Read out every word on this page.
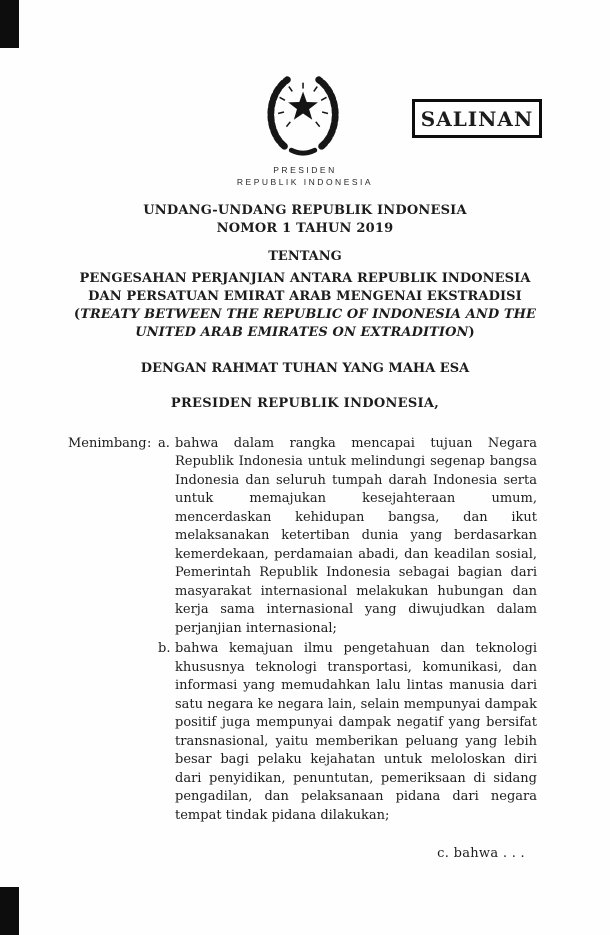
SALINAN
PRESIDEN
REPUBLIK INDONESIA
UNDANG-UNDANG REPUBLIK INDONESIA
NOMOR 1 TAHUN 2019
TENTANG

PENGESAHAN PERJANJIAN ANTARA REPUBLIK INDONESIA DAN PERSATUAN EMIRAT ARAB MENGENAI EKSTRADISI (TREATY BETWEEN THE REPUBLIC OF INDONESIA AND THE UNITED ARAB EMIRATES ON EXTRADITION)

DENGAN RAHMAT TUHAN YANG MAHA ESA
PRESIDEN REPUBLIK INDONESIA,
Menimbang : a. bahwa dalam rangka mencapai tujuan Negara Republik Indonesia untuk melindungi segenap bangsa Indonesia dan seluruh tumpah darah Indonesia serta untuk memajukan kesejahteraan umum, mencerdaskan kehidupan bangsa, dan ikut melaksanakan ketertiban dunia yang berdasarkan kemerdekaan, perdamaian abadi, dan keadilan sosial, Pemerintah Republik Indonesia sebagai bagian dari masyarakat internasional melakukan hubungan dan kerja sama internasional yang diwujudkan dalam perjanjian internasional;

b. bahwa kemajuan ilmu pengetahuan dan teknologi khususnya teknologi transportasi, komunikasi, dan informasi yang memudahkan lalu lintas manusia dari satu negara ke negara lain, selain mempunyai dampak positif juga mempunyai dampak negatif yang bersifat transnasional, yaitu memberikan peluang yang lebih besar bagi pelaku kejahatan untuk meloloskan diri dari penyidikan, penuntutan, pemeriksaan di sidang pengadilan, dan pelaksanaan pidana dari negara tempat tindak pidana dilakukan;

c. bahwa . . .
